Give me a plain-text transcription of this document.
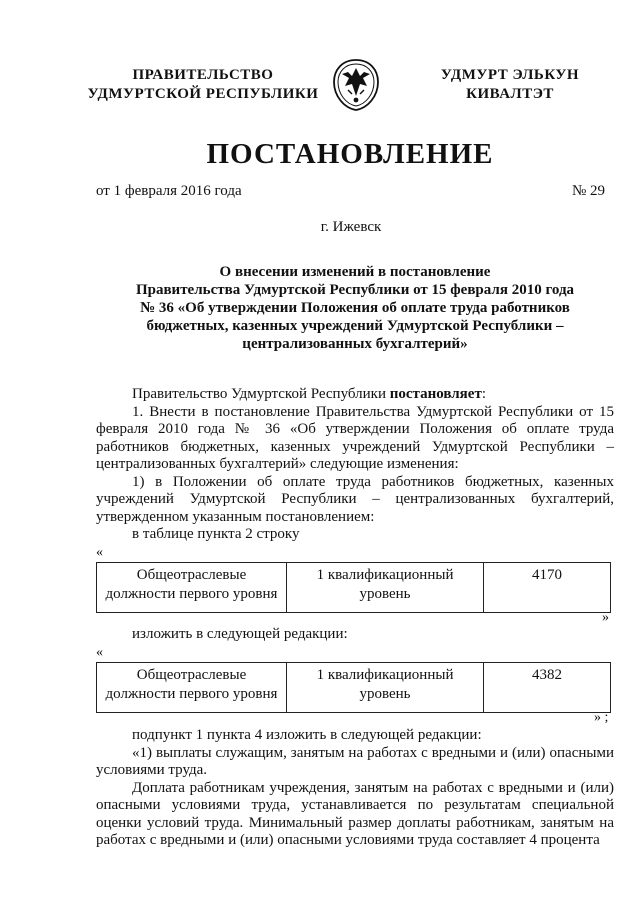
ПРАВИТЕЛЬСТВО
УДМУРТСКОЙ РЕСПУБЛИКИ
УДМУРТ ЭЛЬКУН
КИВАЛТЭТ
ПОСТАНОВЛЕНИЕ
от 1 февраля 2016 года	№ 29
г. Ижевск
О внесении изменений в постановление
Правительства Удмуртской Республики от 15 февраля 2010 года
№ 36 «Об утверждении Положения об оплате труда работников
бюджетных, казенных учреждений Удмуртской Республики –
централизованных бухгалтерий»

Правительство Удмуртской Республики постановляет:

1. Внести в постановление Правительства Удмуртской Республики от 15 февраля 2010 года № 36 «Об утверждении Положения об оплате труда работников бюджетных, казенных учреждений Удмуртской Республики – централизованных бухгалтерий» следующие изменения:

1) в Положении об оплате труда работников бюджетных, казенных учреждений Удмуртской Республики – централизованных бухгалтерий, утвержденном указанным постановлением:

в таблице пункта 2 строку

«
Общеотраслевые должности первого уровня	1 квалификационный уровень	4170
»

изложить в следующей редакции:

«
Общеотраслевые должности первого уровня	1 квалификационный уровень	4382
» ;

подпункт 1 пункта 4 изложить в следующей редакции:

«1) выплаты служащим, занятым на работах с вредными и (или) опасными условиями труда.

Доплата работникам учреждения, занятым на работах с вредными и (или) опасными условиями труда, устанавливается по результатам специальной оценки условий труда. Минимальный размер доплаты работникам, занятым на работах с вредными и (или) опасными условиями труда составляет 4 процента
